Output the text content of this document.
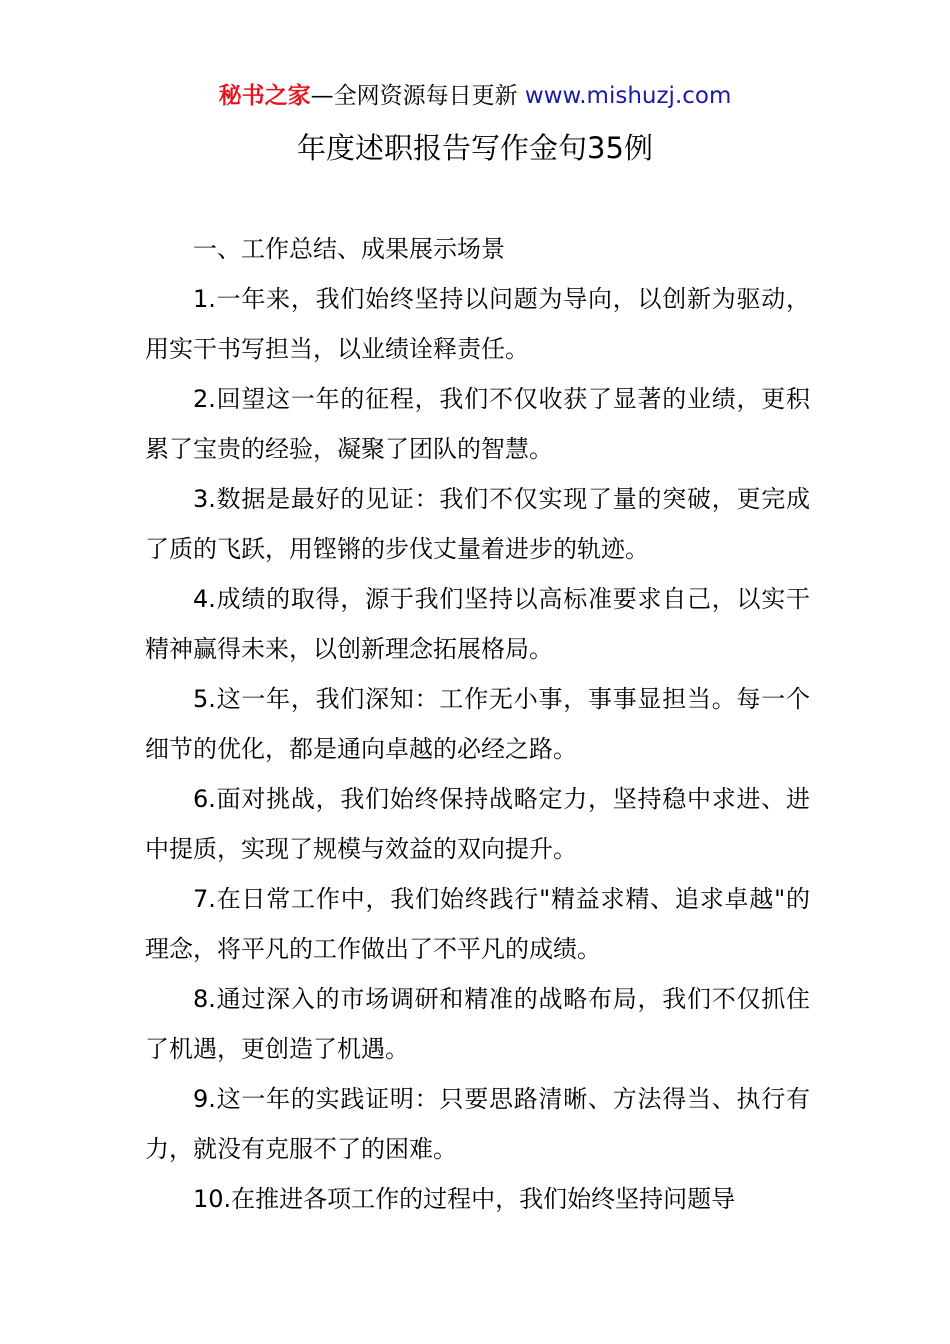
秘书之家—全网资源每日更新 www.mishuzj.com
年度述职报告写作金句35例

一、工作总结、成果展示场景

1.一年来，我们始终坚持以问题为导向，以创新为驱动，用实干书写担当，以业绩诠释责任。

2.回望这一年的征程，我们不仅收获了显著的业绩，更积累了宝贵的经验，凝聚了团队的智慧。

3.数据是最好的见证：我们不仅实现了量的突破，更完成了质的飞跃，用铿锵的步伐丈量着进步的轨迹。

4.成绩的取得，源于我们坚持以高标准要求自己，以实干精神赢得未来，以创新理念拓展格局。

5.这一年，我们深知：工作无小事，事事显担当。每一个细节的优化，都是通向卓越的必经之路。

6.面对挑战，我们始终保持战略定力，坚持稳中求进、进中提质，实现了规模与效益的双向提升。

7.在日常工作中，我们始终践行"精益求精、追求卓越"的理念，将平凡的工作做出了不平凡的成绩。

8.通过深入的市场调研和精准的战略布局，我们不仅抓住了机遇，更创造了机遇。

9.这一年的实践证明：只要思路清晰、方法得当、执行有力，就没有克服不了的困难。

10.在推进各项工作的过程中，我们始终坚持问题导
